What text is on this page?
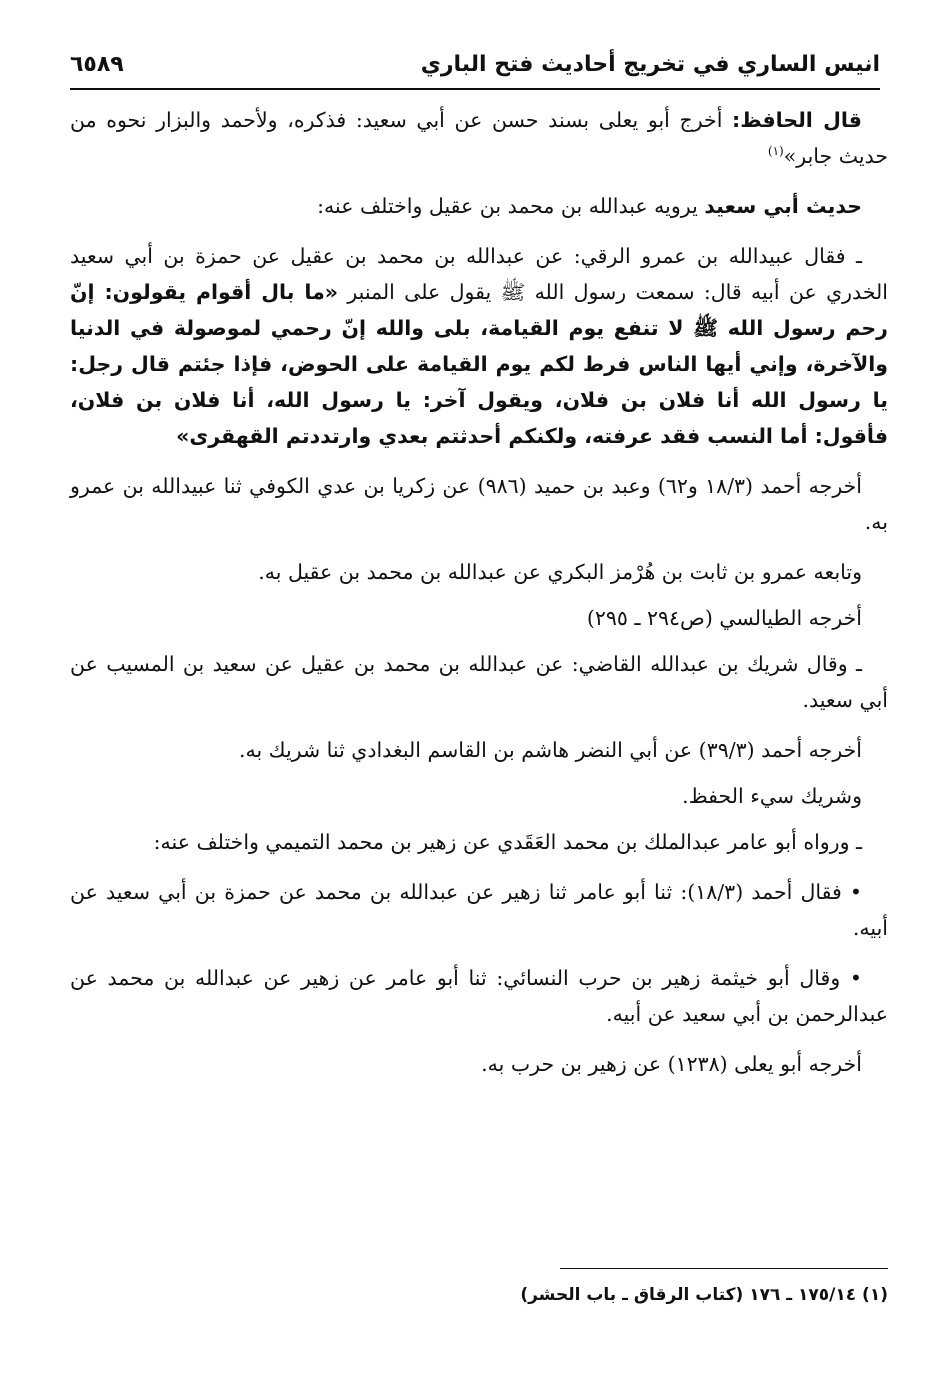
انيس الساري في تخريج أحاديث فتح الباري
٦٥٨٩

قال الحافظ: أخرج أبو يعلى بسند حسن عن أبي سعيد: فذكره، ولأحمد والبزار نحوه من حديث جابر»$^{(١)}$

حديث أبي سعيد يرويه عبدالله بن محمد بن عقيل واختلف عنه:

ـ فقال عبيدالله بن عمرو الرقي: عن عبدالله بن محمد بن عقيل عن حمزة بن أبي سعيد الخدري عن أبيه قال: سمعت رسول الله ﷺ يقول على المنبر «ما بال أقوام يقولون: إنّ رحم رسول الله ﷺ لا تنفع يوم القيامة، بلى والله إنّ رحمي لموصولة في الدنيا والآخرة، وإني أيها الناس فرط لكم يوم القيامة على الحوض، فإذا جئتم قال رجل: يا رسول الله أنا فلان بن فلان، ويقول آخر: يا رسول الله، أنا فلان بن فلان، فأقول: أما النسب فقد عرفته، ولكنكم أحدثتم بعدي وارتددتم القهقرى»

أخرجه أحمد (١٨/٣ و٦٢) وعبد بن حميد (٩٨٦) عن زكريا بن عدي الكوفي ثنا عبيدالله بن عمرو به.

وتابعه عمرو بن ثابت بن هُرْمز البكري عن عبدالله بن محمد بن عقيل به.

أخرجه الطيالسي (ص٢٩٤ ـ ٢٩٥)

ـ وقال شريك بن عبدالله القاضي: عن عبدالله بن محمد بن عقيل عن سعيد بن المسيب عن أبي سعيد.

أخرجه أحمد (٣٩/٣) عن أبي النضر هاشم بن القاسم البغدادي ثنا شريك به.

وشريك سيء الحفظ.

ـ ورواه أبو عامر عبدالملك بن محمد العَقَدي عن زهير بن محمد التميمي واختلف عنه:

• فقال أحمد (١٨/٣): ثنا أبو عامر ثنا زهير عن عبدالله بن محمد عن حمزة بن أبي سعيد عن أبيه.

• وقال أبو خيثمة زهير بن حرب النسائي: ثنا أبو عامر عن زهير عن عبدالله بن محمد عن عبدالرحمن بن أبي سعيد عن أبيه.

أخرجه أبو يعلى (١٢٣٨) عن زهير بن حرب به.

(١) ١٧٥/١٤ ـ ١٧٦ (كتاب الرقاق ـ باب الحشر)
